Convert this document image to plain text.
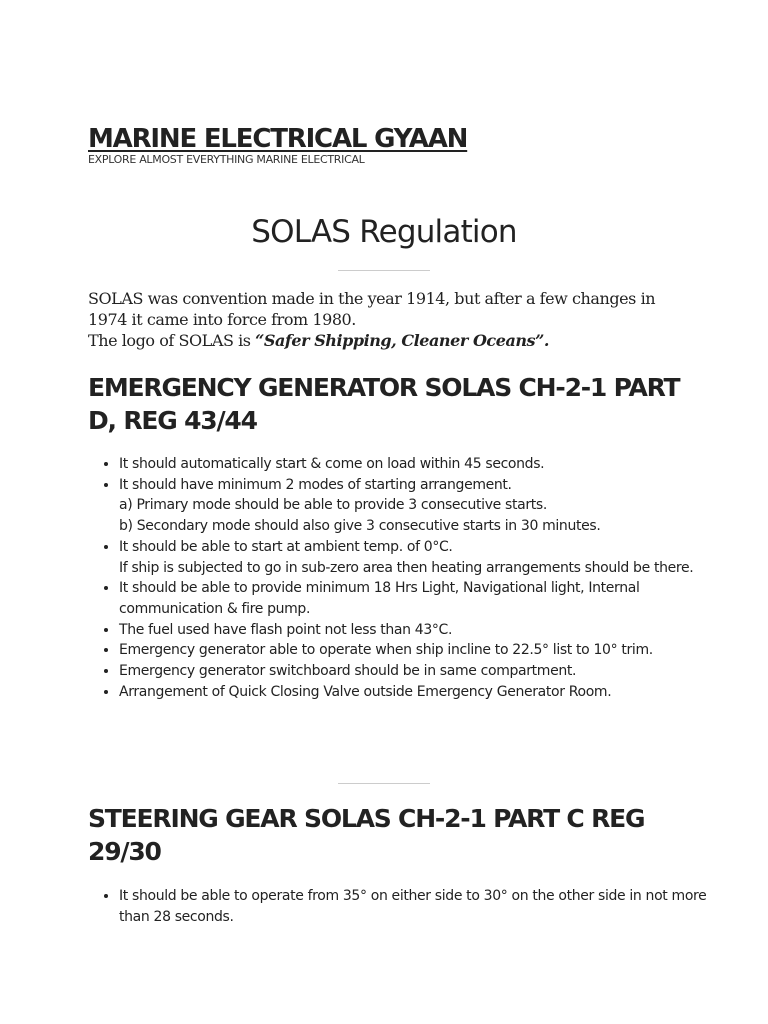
MARINE ELECTRICAL GYAAN
EXPLORE ALMOST EVERYTHING MARINE ELECTRICAL
SOLAS Regulation

SOLAS was convention made in the year 1914, but after a few changes in 1974 it came into force from 1980.

The logo of SOLAS is “Safer Shipping, Cleaner Oceans”.

EMERGENCY GENERATOR SOLAS CH-2-1 PART D, REG 43/44
• It should automatically start & come on load within 45 seconds.
• It should have minimum 2 modes of starting arrangement.
a) Primary mode should be able to provide 3 consecutive starts.
b) Secondary mode should also give 3 consecutive starts in 30 minutes.
• It should be able to start at ambient temp. of 0°C.
If ship is subjected to go in sub-zero area then heating arrangements should be there.
• It should be able to provide minimum 18 Hrs Light, Navigational light, Internal
communication & fire pump.
• The fuel used have flash point not less than 43°C.
• Emergency generator able to operate when ship incline to 22.5° list to 10° trim.
• Emergency generator switchboard should be in same compartment.
• Arrangement of Quick Closing Valve outside Emergency Generator Room.
STEERING GEAR SOLAS CH-2-1 PART C REG 29/30
• It should be able to operate from 35° on either side to 30° on the other side in not more
than 28 seconds.
